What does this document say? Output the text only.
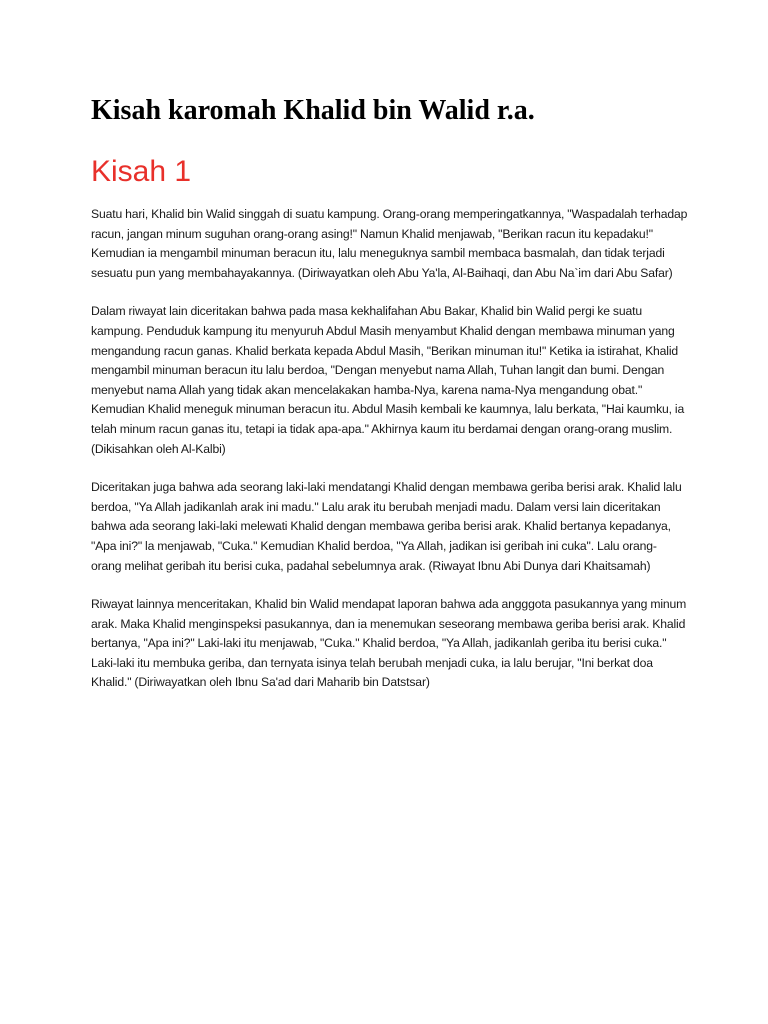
Kisah karomah Khalid bin Walid r.a.
Kisah 1

Suatu hari, Khalid bin Walid singgah di suatu kampung. Orang-orang memperingatkannya, "Waspadalah terhadap racun, jangan minum suguhan orang-orang asing!" Namun Khalid menjawab, "Berikan racun itu kepadaku!" Kemudian ia mengambil minuman beracun itu, lalu meneguknya sambil membaca basmalah, dan tidak terjadi sesuatu pun yang membahayakannya. (Diriwayatkan oleh Abu Ya'la, Al-Baihaqi, dan Abu Na`im dari Abu Safar)

Dalam riwayat lain diceritakan bahwa pada masa kekhalifahan Abu Bakar, Khalid bin Walid pergi ke suatu kampung. Penduduk kampung itu menyuruh Abdul Masih menyambut Khalid dengan membawa minuman yang mengandung racun ganas. Khalid berkata kepada Abdul Masih, "Berikan minuman itu!" Ketika ia istirahat, Khalid mengambil minuman beracun itu lalu berdoa, "Dengan menyebut nama Allah, Tuhan langit dan bumi. Dengan menyebut nama Allah yang tidak akan mencelakakan hamba-Nya, karena nama-Nya mengandung obat." Kemudian Khalid meneguk minuman beracun itu. Abdul Masih kembali ke kaumnya, lalu berkata, "Hai kaumku, ia telah minum racun ganas itu, tetapi ia tidak apa-apa." Akhirnya kaum itu berdamai dengan orang-orang muslim. (Dikisahkan oleh Al-Kalbi)

Diceritakan juga bahwa ada seorang laki-laki mendatangi Khalid dengan membawa geriba berisi arak. Khalid lalu berdoa, "Ya Allah jadikanlah arak ini madu." Lalu arak itu berubah menjadi madu. Dalam versi lain diceritakan bahwa ada seorang laki-laki melewati Khalid dengan membawa geriba berisi arak. Khalid bertanya kepadanya, "Apa ini?" la menjawab, "Cuka." Kemudian Khalid berdoa, "Ya Allah, jadikan isi geribah ini cuka". Lalu orang- orang melihat geribah itu berisi cuka, padahal sebelumnya arak. (Riwayat Ibnu Abi Dunya dari Khaitsamah)

Riwayat lainnya menceritakan, Khalid bin Walid mendapat laporan bahwa ada angggota pasukannya yang minum arak. Maka Khalid menginspeksi pasukannya, dan ia menemukan seseorang membawa geriba berisi arak. Khalid bertanya, "Apa ini?" Laki-laki itu menjawab, "Cuka." Khalid berdoa, "Ya Allah, jadikanlah geriba itu berisi cuka." Laki-laki itu membuka geriba, dan ternyata isinya telah berubah menjadi cuka, ia lalu berujar, "Ini berkat doa Khalid." (Diriwayatkan oleh Ibnu Sa'ad dari Maharib bin Datstsar)
